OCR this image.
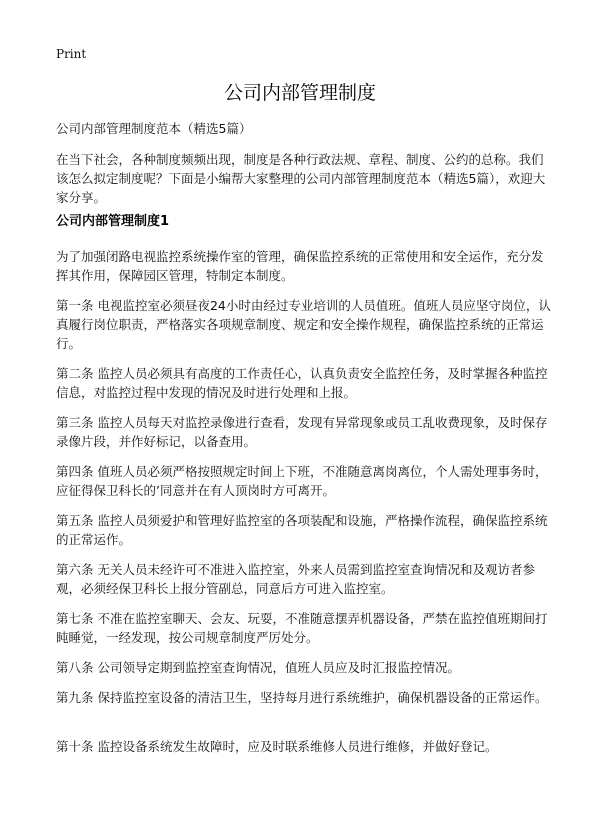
Print
公司内部管理制度
公司内部管理制度范本（精选5篇）
在当下社会，各种制度频频出现，制度是各种行政法规、章程、制度、公约的总称。我们该怎么拟定制度呢？下面是小编帮大家整理的公司内部管理制度范本（精选5篇），欢迎大家分享。
公司内部管理制度1

为了加强闭路电视监控系统操作室的管理，确保监控系统的正常使用和安全运作，充分发挥其作用，保障园区管理，特制定本制度。

第一条 电视监控室必须昼夜24小时由经过专业培训的人员值班。值班人员应坚守岗位，认真履行岗位职责，严格落实各项规章制度、规定和安全操作规程，确保监控系统的正常运行。

第二条 监控人员必须具有高度的工作责任心，认真负责安全监控任务，及时掌握各种监控信息，对监控过程中发现的情况及时进行处理和上报。

第三条 监控人员每天对监控录像进行查看，发现有异常现象或员工乱收费现象，及时保存录像片段，并作好标记，以备查用。

第四条 值班人员必须严格按照规定时间上下班，不准随意离岗离位，个人需处理事务时，应征得保卫科长的’同意并在有人顶岗时方可离开。

第五条 监控人员须爱护和管理好监控室的各项装配和设施，严格操作流程，确保监控系统的正常运作。

第六条 无关人员未经许可不准进入监控室，外来人员需到监控室查询情况和及观访者参观，必须经保卫科长上报分管副总，同意后方可进入监控室。

第七条 不准在监控室聊天、会友、玩耍，不准随意摆弄机器设备，严禁在监控值班期间打盹睡觉，一经发现，按公司规章制度严厉处分。

第八条 公司领导定期到监控室查询情况，值班人员应及时汇报监控情况。

第九条 保持监控室设备的清洁卫生，坚持每月进行系统维护，确保机器设备的正常运作。

第十条 监控设备系统发生故障时，应及时联系维修人员进行维修，并做好登记。
